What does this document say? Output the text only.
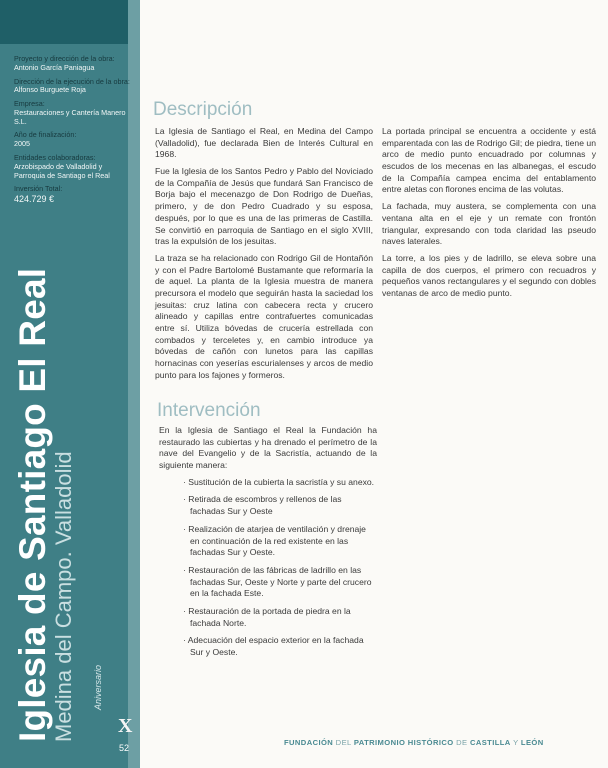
Proyecto y dirección de la obra:
Antonio García Paniagua
Dirección de la ejecución de la obra:
Alfonso Burguete Roja
Empresa:
Restauraciones y Cantería Manero S.L.
Año de finalización:
2005
Entidades colaboradoras:
Arzobispado de Valladolid y Parroquia de Santiago el Real
Inversión Total:
424.729 €
Iglesia de Santiago El Real
Medina del Campo. Valladolid Aniversario
X
52
Descripción

La Iglesia de Santiago el Real, en Medina del Campo (Valladolid), fue declarada Bien de Interés Cultural en 1968.

Fue la Iglesia de los Santos Pedro y Pablo del Noviciado de la Compañía de Jesús que fundará San Francisco de Borja bajo el mecenazgo de Don Rodrigo de Dueñas, primero, y de don Pedro Cuadrado y su esposa, después, por lo que es una de las primeras de Castilla. Se convirtió en parroquia de Santiago en el siglo XVIII, tras la expulsión de los jesuitas.

La traza se ha relacionado con Rodrigo Gil de Hontañón y con el Padre Bartolomé Bustamante que reformaría la de aquel. La planta de la Iglesia muestra de manera precursora el modelo que seguirán hasta la saciedad los jesuitas: cruz latina con cabecera recta y crucero alineado y capillas entre contrafuertes comunicadas entre sí. Utiliza bóvedas de crucería estrellada con combados y terceletes y, en cambio introduce ya bóvedas de cañón con lunetos para las capillas hornacinas con yeserías escurialenses y arcos de medio punto para los fajones y formeros.

La portada principal se encuentra a occidente y está emparentada con las de Rodrigo Gil; de piedra, tiene un arco de medio punto encuadrado por columnas y escudos de los mecenas en las albanegas, el escudo de la Compañía campea encima del entablamento entre aletas con florones encima de las volutas.

La fachada, muy austera, se complementa con una ventana alta en el eje y un remate con frontón triangular, expresando con toda claridad las pseudo naves laterales.

La torre, a los pies y de ladrillo, se eleva sobre una capilla de dos cuerpos, el primero con recuadros y pequeños vanos rectangulares y el segundo con dobles ventanas de arco de medio punto.

Intervención

En la Iglesia de Santiago el Real la Fundación ha restaurado las cubiertas y ha drenado el perímetro de la nave del Evangelio y de la Sacristía, actuando de la siguiente manera:

· Sustitución de la cubierta la sacristía y su anexo.
· Retirada de escombros y rellenos de las fachadas Sur y Oeste
· Realización de atarjea de ventilación y drenaje en continuación de la red existente en las fachadas Sur y Oeste.
· Restauración de las fábricas de ladrillo en las fachadas Sur, Oeste y Norte y parte del crucero en la fachada Este.
· Restauración de la portada de piedra en la fachada Norte.
· Adecuación del espacio exterior en la fachada Sur y Oeste.
FUNDACIÓN DEL PATRIMONIO HISTÓRICO DE CASTILLA Y LEÓN
